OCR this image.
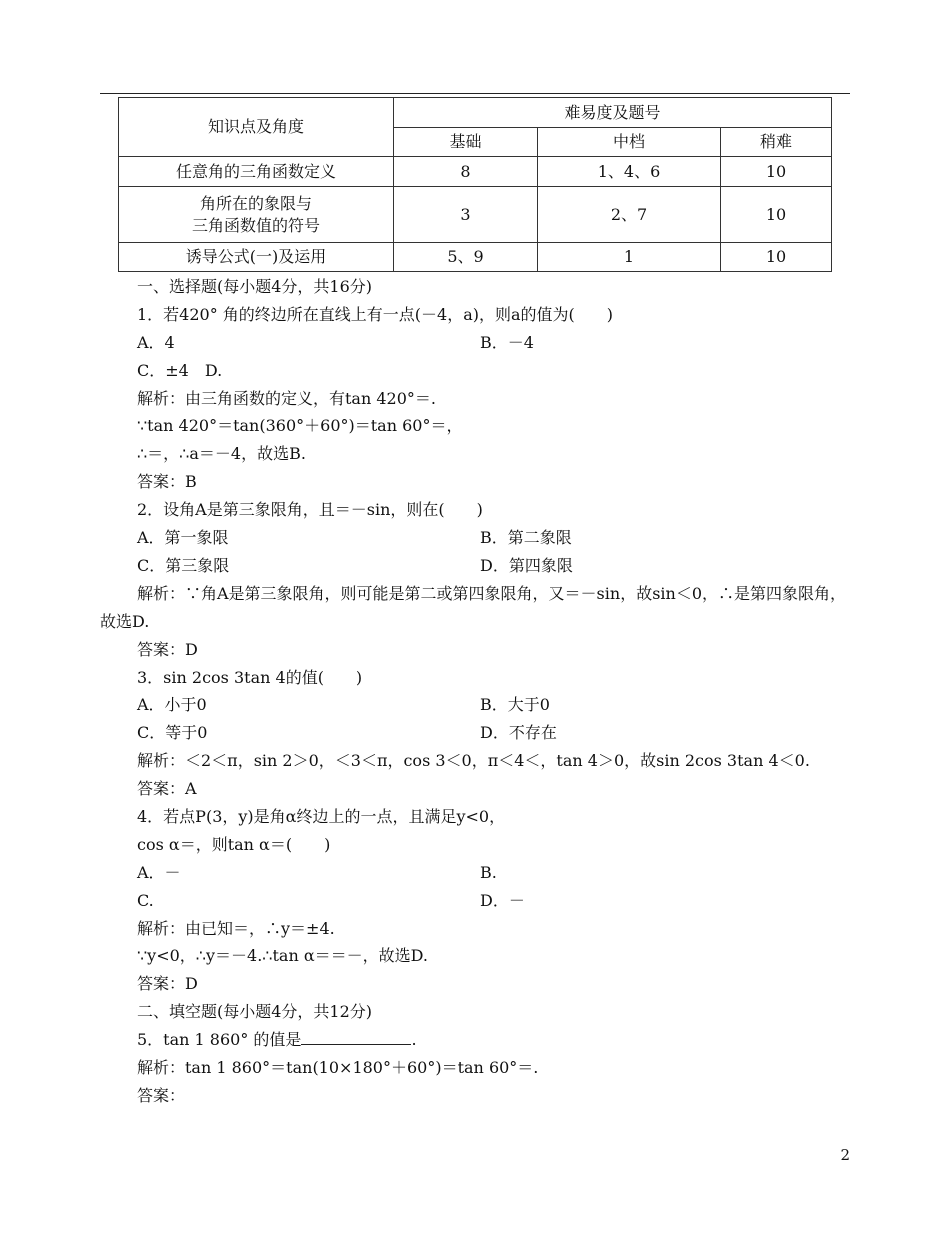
知识点及角度	难易度及题号		
	基础	中档	稍难
任意角的三角函数定义	8	1、4、6	10

角所在的象限与
三角函数值的符号	3	2、7	10
诱导公式(一)及运用	5、9	1	10
一、选择题(每小题4分，共16分)
1．若420° 角的终边所在直线上有一点(－4，a)，则a的值为(　　)
A．4	B．－4
C．±4　D.
解析：由三角函数的定义，有tan 420°＝.
∵tan 420°＝tan(360°＋60°)＝tan 60°＝，
∴＝，∴a＝－4，故选B.
答案：B
2．设角A是第三象限角，且＝－sin，则在(　　)
A．第一象限	B．第二象限
C．第三象限	D．第四象限
解析：∵角A是第三象限角，则可能是第二或第四象限角，又＝－sin，故sin＜0，∴是第四象限角，故选D.
答案：D
3．sin 2cos 3tan 4的值(　　)
A．小于0	B．大于0
C．等于0	D．不存在
解析：＜2＜π，sin 2＞0，＜3＜π，cos 3＜0，π＜4＜，tan 4＞0，故sin 2cos 3tan 4＜0.
答案：A
4．若点P(3，y)是角α终边上的一点，且满足y<0，
cos α＝，则tan α＝(　　)
A．－	B.
C.	D．－
解析：由已知＝，∴y＝±4.
∵y<0，∴y＝－4.∴tan α＝＝－，故选D.
答案：D
二、填空题(每小题4分，共12分)
5．tan 1 860° 的值是	.
解析：tan 1 860°＝tan(10×180°＋60°)＝tan 60°＝.
答案：
2
